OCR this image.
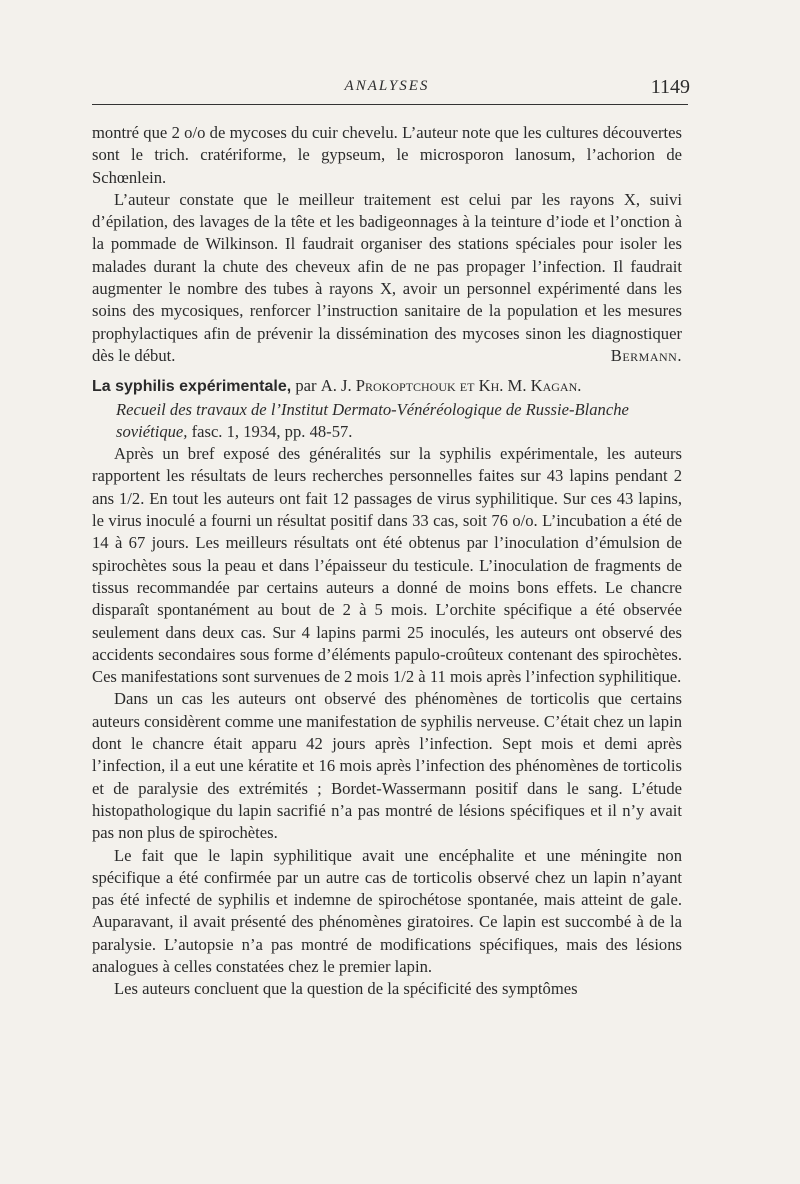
ANALYSES	1149

montré que 2 o/o de mycoses du cuir chevelu. L’auteur note que les cultures découvertes sont le trich. cratériforme, le gypseum, le microsporon lanosum, l’achorion de Schœnlein.

L’auteur constate que le meilleur traitement est celui par les rayons X, suivi d’épilation, des lavages de la tête et les badigeonnages à la teinture d’iode et l’onction à la pommade de Wilkinson. Il faudrait organiser des stations spéciales pour isoler les malades durant la chute des cheveux afin de ne pas propager l’infection. Il faudrait augmenter le nombre des tubes à rayons X, avoir un personnel expérimenté dans les soins des mycosiques, renforcer l’instruction sanitaire de la population et les mesures prophylactiques afin de prévenir la dissémination des mycoses sinon les diagnostiquer dès le début.	Bermann.

La syphilis expérimentale, par A. J. Prokoptchouk et Kh. M. Kagan.
Recueil des travaux de l’Institut Dermato-Vénéréologique de Russie-Blanche soviétique, fasc. 1, 1934, pp. 48-57.

Après un bref exposé des généralités sur la syphilis expérimentale, les auteurs rapportent les résultats de leurs recherches personnelles faites sur 43 lapins pendant 2 ans 1/2. En tout les auteurs ont fait 12 passages de virus syphilitique. Sur ces 43 lapins, le virus inoculé a fourni un résultat positif dans 33 cas, soit 76 o/o. L’incubation a été de 14 à 67 jours. Les meilleurs résultats ont été obtenus par l’inoculation d’émulsion de spirochètes sous la peau et dans l’épaisseur du testicule. L’inoculation de fragments de tissus recommandée par certains auteurs a donné de moins bons effets. Le chancre disparaît spontanément au bout de 2 à 5 mois. L’orchite spécifique a été observée seulement dans deux cas. Sur 4 lapins parmi 25 inoculés, les auteurs ont observé des accidents secondaires sous forme d’éléments papulo-croûteux contenant des spirochètes. Ces manifestations sont survenues de 2 mois 1/2 à 11 mois après l’infection syphilitique.

Dans un cas les auteurs ont observé des phénomènes de torticolis que certains auteurs considèrent comme une manifestation de syphilis nerveuse. C’était chez un lapin dont le chancre était apparu 42 jours après l’infection. Sept mois et demi après l’infection, il a eut une kératite et 16 mois après l’infection des phénomènes de torticolis et de paralysie des extrémités ; Bordet-Wassermann positif dans le sang. L’étude histopathologique du lapin sacrifié n’a pas montré de lésions spécifiques et il n’y avait pas non plus de spirochètes.

Le fait que le lapin syphilitique avait une encéphalite et une méningite non spécifique a été confirmée par un autre cas de torticolis observé chez un lapin n’ayant pas été infecté de syphilis et indemne de spirochétose spontanée, mais atteint de gale. Auparavant, il avait présenté des phénomènes giratoires. Ce lapin est succombé à de la paralysie. L’autopsie n’a pas montré de modifications spécifiques, mais des lésions analogues à celles constatées chez le premier lapin.

Les auteurs concluent que la question de la spécificité des symptômes
